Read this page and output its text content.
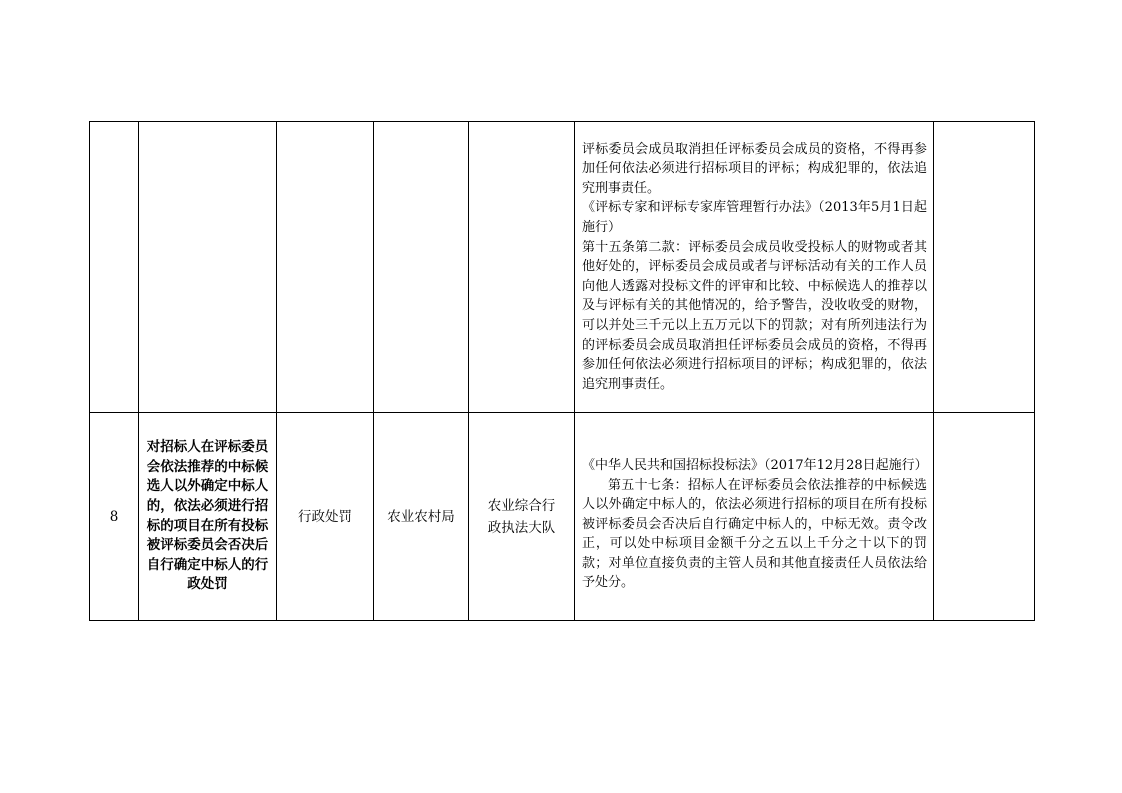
					评标委员会成员取消担任评标委员会成员的资格，不得再参加任何依法必须进行招标项目的评标；构成犯罪的，依法追究刑事责任。

《评标专家和评标专家库管理暂行办法》（2013年5月1日起施行）

第十五条第二款：评标委员会成员收受投标人的财物或者其他好处的，评标委员会成员或者与评标活动有关的工作人员向他人透露对投标文件的评审和比较、中标候选人的推荐以及与评标有关的其他情况的，给予警告，没收收受的财物，可以并处三千元以上五万元以下的罚款；对有所列违法行为的评标委员会成员取消担任评标委员会成员的资格，不得再参加任何依法必须进行招标项目的评标；构成犯罪的，依法追究刑事责任。	

8	对招标人在评标委员会依法推荐的中标候选人以外确定中标人的，依法必须进行招标的项目在所有投标被评标委员会否决后自行确定中标人的行政处罚	行政处罚	农业农村局	农业综合行政执法大队	《中华人民共和国招标投标法》（2017年12月28日起施行）

第五十七条：招标人在评标委员会依法推荐的中标候选人以外确定中标人的，依法必须进行招标的项目在所有投标被评标委员会否决后自行确定中标人的，中标无效。责令改正，可以处中标项目金额千分之五以上千分之十以下的罚款；对单位直接负责的主管人员和其他直接责任人员依法给予处分。	
